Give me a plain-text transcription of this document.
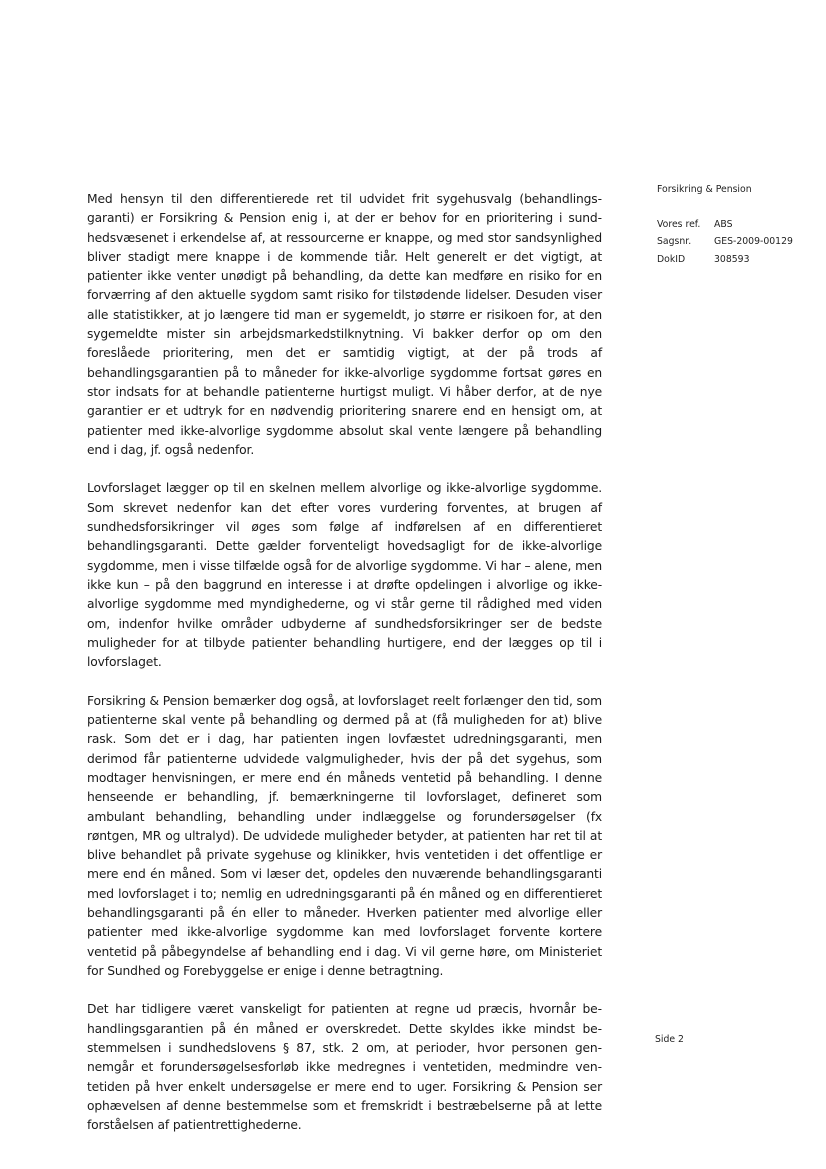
Med hensyn til den differentierede ret til udvidet frit sygehusvalg (behandlingsgaranti) er Forsikring & Pension enig i, at der er behov for en prioritering i sundhedsvæsenet i erkendelse af, at ressourcerne er knappe, og med stor sandsynlighed bliver stadigt mere knappe i de kommende tiår. Helt generelt er det vigtigt, at patienter ikke venter unødigt på behandling, da dette kan medføre en risiko for en forværring af den aktuelle sygdom samt risiko for tilstødende lidelser. Desuden viser alle statistikker, at jo længere tid man er sygemeldt, jo større er risikoen for, at den sygemeldte mister sin arbejdsmarkedstilknytning. Vi bakker derfor op om den foreslåede prioritering, men det er samtidig vigtigt, at der på trods af behandlingsgarantien på to måneder for ikke-alvorlige sygdomme fortsat gøres en stor indsats for at behandle patienterne hurtigst muligt. Vi håber derfor, at de nye garantier er et udtryk for en nødvendig prioritering snarere end en hensigt om, at patienter med ikke-alvorlige sygdomme absolut skal vente længere på behandling end i dag, jf. også nedenfor.

Lovforslaget lægger op til en skelnen mellem alvorlige og ikke-alvorlige sygdomme. Som skrevet nedenfor kan det efter vores vurdering forventes, at brugen af sundhedsforsikringer vil øges som følge af indførelsen af en differentieret behandlingsgaranti. Dette gælder forventeligt hovedsagligt for de ikke-alvorlige sygdomme, men i visse tilfælde også for de alvorlige sygdomme. Vi har – alene, men ikke kun – på den baggrund en interesse i at drøfte opdelingen i alvorlige og ikke-alvorlige sygdomme med myndighederne, og vi står gerne til rådighed med viden om, indenfor hvilke områder udbyderne af sundhedsforsikringer ser de bedste muligheder for at tilbyde patienter behandling hurtigere, end der lægges op til i lovforslaget.

Forsikring & Pension bemærker dog også, at lovforslaget reelt forlænger den tid, som patienterne skal vente på behandling og dermed på at (få muligheden for at) blive rask. Som det er i dag, har patienten ingen lovfæstet udredningsgaranti, men derimod får patienterne udvidede valgmuligheder, hvis der på det sygehus, som modtager henvisningen, er mere end én måneds ventetid på behandling. I denne henseende er behandling, jf. bemærkningerne til lovforslaget, defineret som ambulant behandling, behandling under indlæggelse og forundersøgelser (fx røntgen, MR og ultralyd). De udvidede muligheder betyder, at patienten har ret til at blive behandlet på private sygehuse og klinikker, hvis ventetiden i det offentlige er mere end én måned. Som vi læser det, opdeles den nuværende behandlingsgaranti med lovforslaget i to; nemlig en udredningsgaranti på én måned og en differentieret behandlingsgaranti på én eller to måneder. Hverken patienter med alvorlige eller patienter med ikke-alvorlige sygdomme kan med lovforslaget forvente kortere ventetid på påbegyndelse af behandling end i dag. Vi vil gerne høre, om Ministeriet for Sundhed og Forebyggelse er enige i denne betragtning.

Det har tidligere været vanskeligt for patienten at regne ud præcis, hvornår behandlingsgarantien på én måned er overskredet. Dette skyldes ikke mindst bestemmelsen i sundhedslovens § 87, stk. 2 om, at perioder, hvor personen gennemgår et forundersøgelsesforløb ikke medregnes i ventetiden, medmindre ventetiden på hver enkelt undersøgelse er mere end to uger. Forsikring & Pension ser ophævelsen af denne bestemmelse som et fremskridt i bestræbelserne på at lette forståelsen af patientrettighederne.

Forsikring & Pension
Vores ref.	ABS
Sagsnr.	GES-2009-00129
DokID	308593
Side 2
